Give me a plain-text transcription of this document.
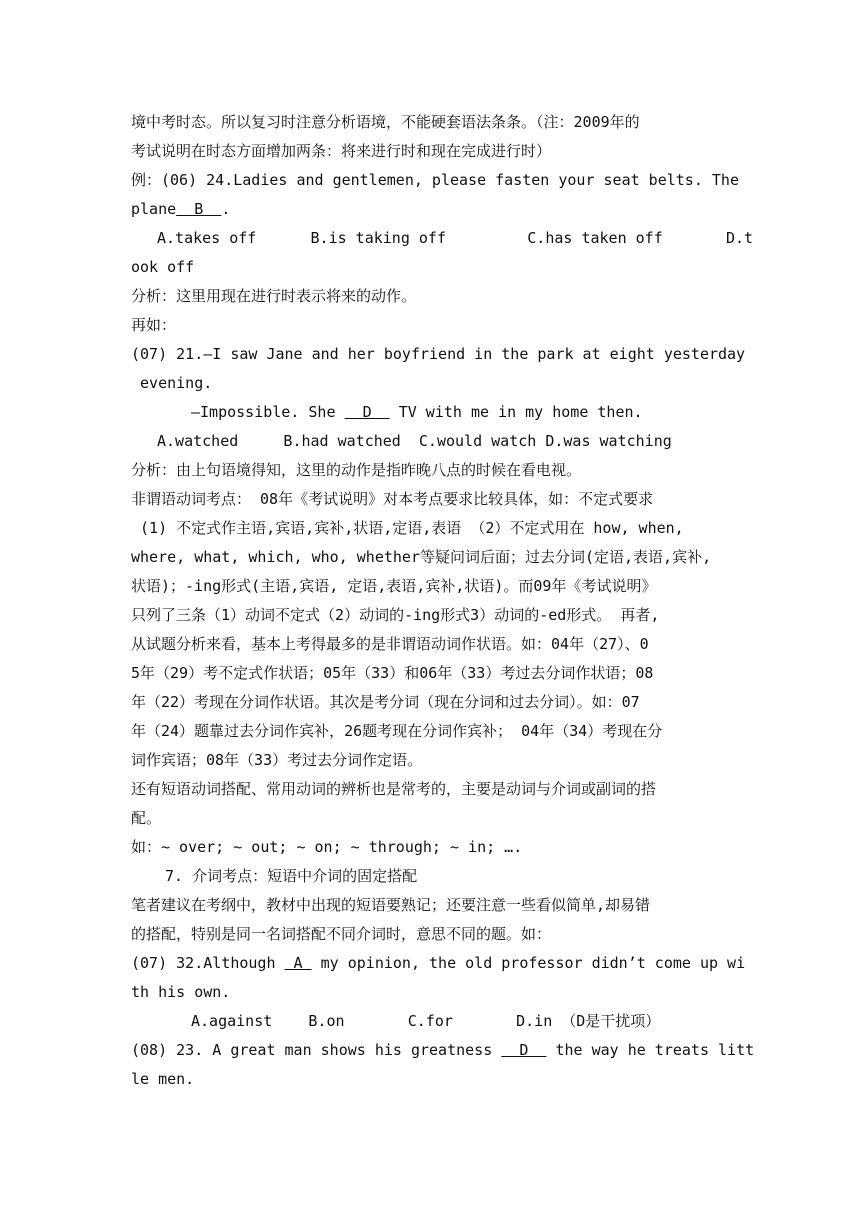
境中考时态。所以复习时注意分析语境，不能硬套语法条条。（注：2009年的
考试说明在时态方面增加两条：将来进行时和现在完成进行时）
例：(06) 24.Ladies and gentlemen, please fasten your seat belts. The
plane  B  .
A.takes off      B.is taking off         C.has taken off       D.t
ook off
分析：这里用现在进行时表示将来的动作。
再如：
(07) 21.—I saw Jane and her boyfriend in the park at eight yesterday
evening.
—Impossible. She   D   TV with me in my home then.
A.watched     B.had watched  C.would watch D.was watching
分析：由上句语境得知，这里的动作是指昨晚八点的时候在看电视。
非谓语动词考点： 08年《考试说明》对本考点要求比较具体，如：不定式要求
(1) 不定式作主语,宾语,宾补,状语,定语,表语 （2）不定式用在 how, when,
where, what, which, who, whether等疑问词后面；过去分词(定语,表语,宾补,
状语)；-ing形式(主语,宾语, 定语,表语,宾补,状语)。而09年《考试说明》
只列了三条（1）动词不定式（2）动词的-ing形式3）动词的-ed形式。 再者,
从试题分析来看，基本上考得最多的是非谓语动词作状语。如：04年（27）、0
5年（29）考不定式作状语；05年（33）和06年（33）考过去分词作状语；08
年（22）考现在分词作状语。其次是考分词（现在分词和过去分词）。如：07
年（24）题靠过去分词作宾补，26题考现在分词作宾补； 04年（34）考现在分
词作宾语；08年（33）考过去分词作定语。
还有短语动词搭配、常用动词的辨析也是常考的，主要是动词与介词或副词的搭
配。
如：~ over; ~ out; ~ on; ~ through; ~ in; ….
7. 介词考点：短语中介词的固定搭配
笔者建议在考纲中，教材中出现的短语要熟记；还要注意一些看似简单,却易错
的搭配，特别是同一名词搭配不同介词时，意思不同的题。如：
(07) 32.Although  A  my opinion, the old professor didn’t come up wi
th his own.
A.against    B.on       C.for       D.in （D是干扰项）
(08) 23. A great man shows his greatness   D   the way he treats litt
le men.
